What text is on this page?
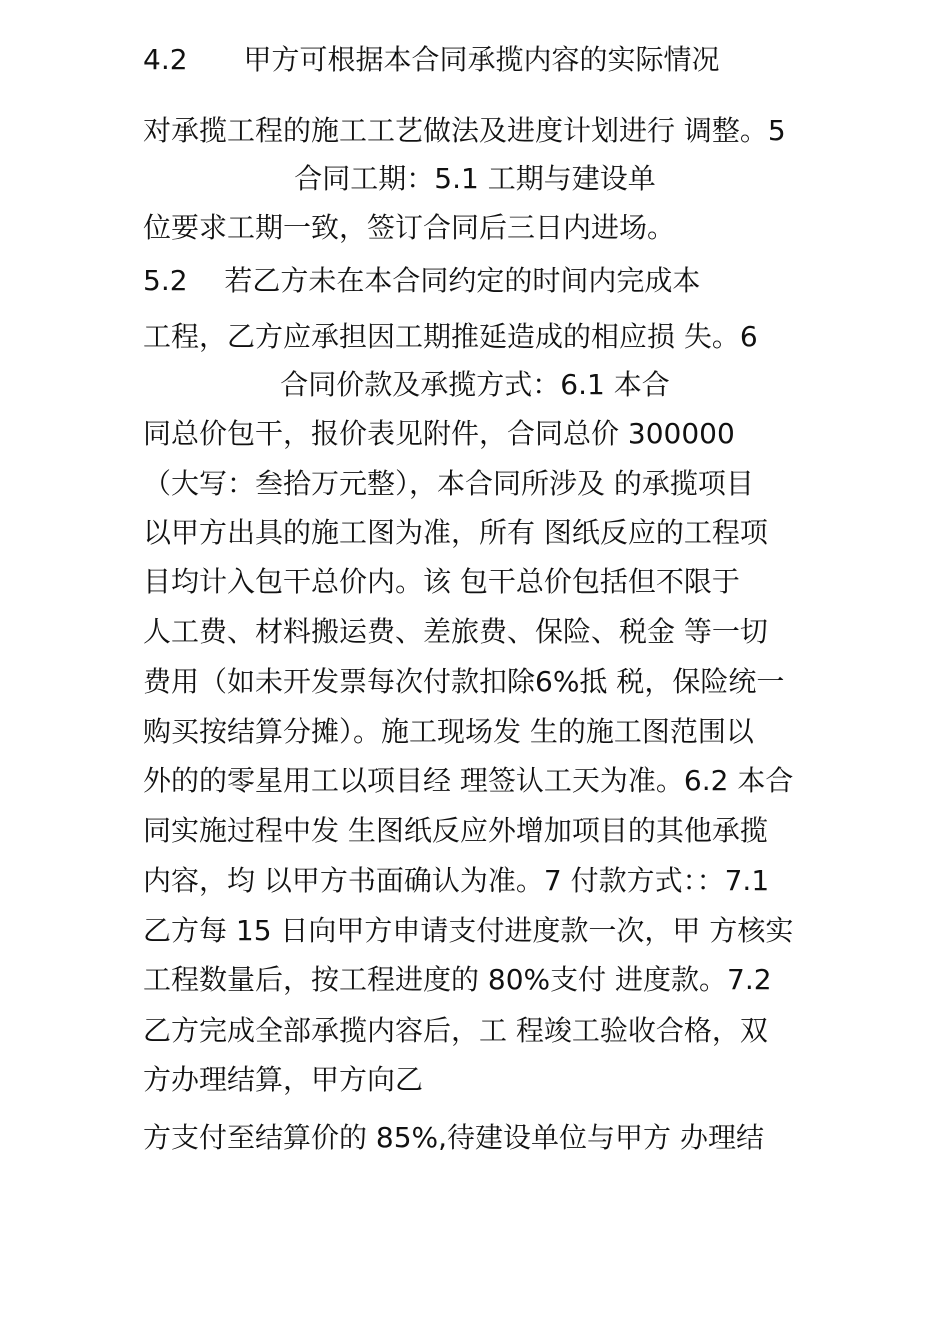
4.2　　甲方可根据本合同承揽内容的实际情况
对承揽工程的施工工艺做法及进度计划进行 调整。5
合同工期：5.1 工期与建设单
位要求工期一致，签订合同后三日内进场。
5.2　 若乙方未在本合同约定的时间内完成本
工程，乙方应承担因工期推延造成的相应损 失。6
合同价款及承揽方式：6.1 本合
同总价包干，报价表见附件，合同总价 300000
（大写：叁拾万元整），本合同所涉及 的承揽项目
以甲方出具的施工图为准，所有 图纸反应的工程项
目均计入包干总价内。该 包干总价包括但不限于
人工费、材料搬运费、差旅费、保险、税金 等一切
费用（如未开发票每次付款扣除6%抵 税，保险统一
购买按结算分摊）。施工现场发 生的施工图范围以
外的的零星用工以项目经 理签认工天为准。6.2 本合
同实施过程中发 生图纸反应外增加项目的其他承揽
内容，均 以甲方书面确认为准。7 付款方式：：7.1
乙方每 15 日向甲方申请支付进度款一次，甲 方核实
工程数量后，按工程进度的 80%支付 进度款。7.2
乙方完成全部承揽内容后，工 程竣工验收合格，双
方办理结算，甲方向乙
方支付至结算价的 85%,待建设单位与甲方 办理结
